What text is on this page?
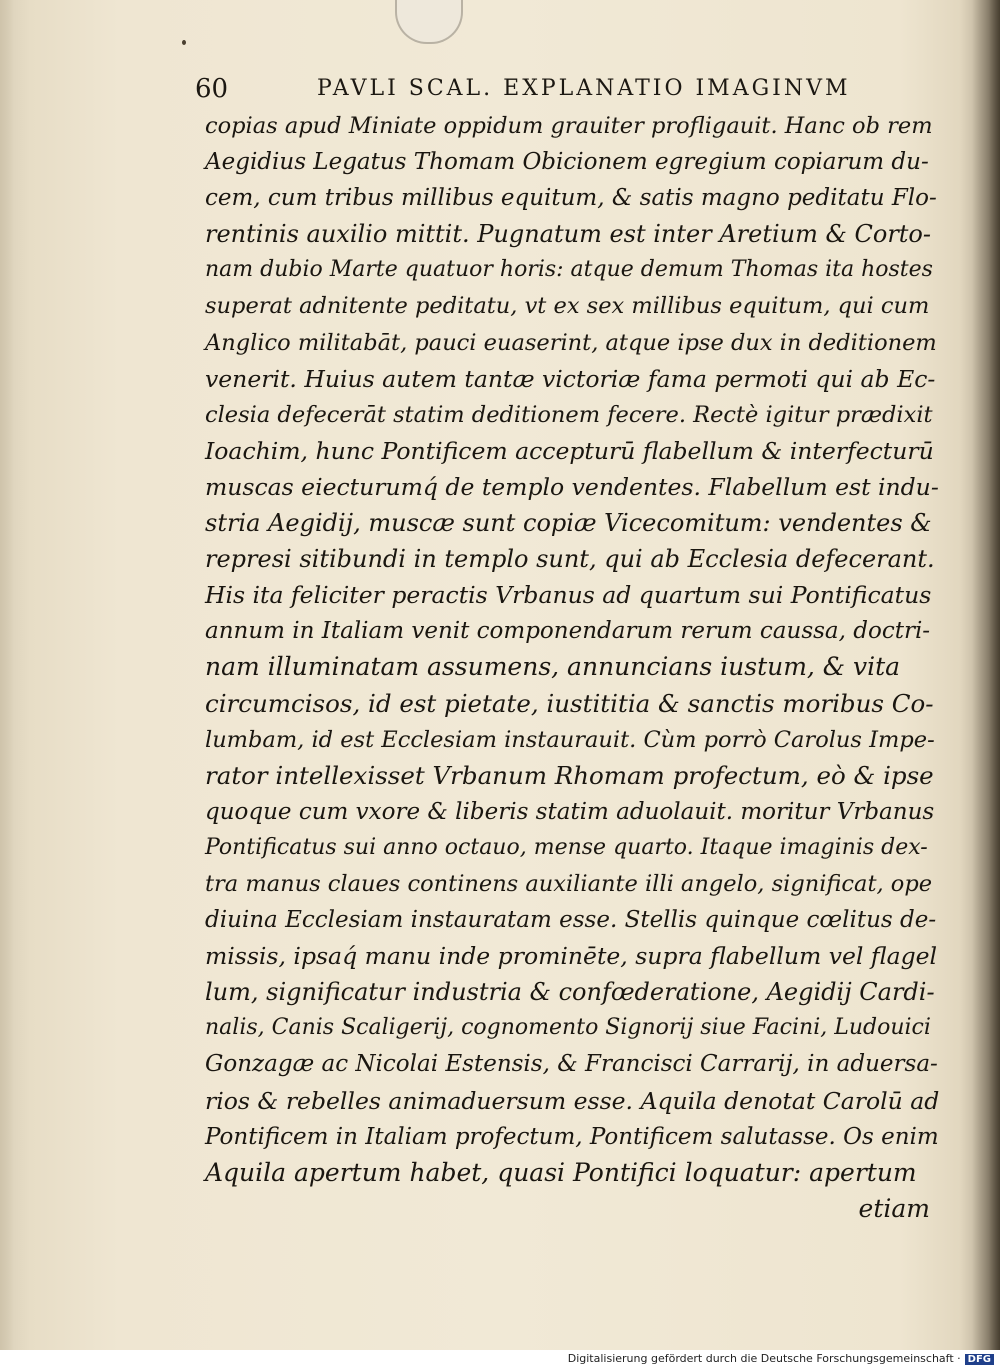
60	PAVLI SCAL. EXPLANATIO IMAGINVM
copias apud Miniate oppidum grauiter profligauit. Hanc ob rem
Aegidius Legatus Thomam Obicionem egregium copiarum du-
cem, cum tribus millibus equitum, & satis magno peditatu Flo-
rentinis auxilio mittit. Pugnatum est inter Aretium & Corto-
nam dubio Marte quatuor horis: atque demum Thomas ita hostes
superat adnitente peditatu, vt ex sex millibus equitum, qui cum
Anglico militabāt, pauci euaserint, atque ipse dux in deditionem
venerit. Huius autem tantæ victoriæ fama permoti qui ab Ec-
clesia defecerāt statim deditionem fecere. Rectè igitur prædixit
Ioachim, hunc Pontificem accepturū flabellum & interfecturū
muscas eiecturumq́ de templo vendentes. Flabellum est indu-
stria Aegidij, muscæ sunt copiæ Vicecomitum: vendentes &
represi sitibundi in templo sunt, qui ab Ecclesia defecerant.
His ita feliciter peractis Vrbanus ad quartum sui Pontificatus
annum in Italiam venit componendarum rerum caussa, doctri-
nam illuminatam assumens, annuncians iustum, & vita
circumcisos, id est pietate, iustititia & sanctis moribus Co-
lumbam, id est Ecclesiam instaurauit. Cùm porrò Carolus Impe-
rator intellexisset Vrbanum Rhomam profectum, eò & ipse
quoque cum vxore & liberis statim aduolauit. moritur Vrbanus
Pontificatus sui anno octauo, mense quarto. Itaque imaginis dex-
tra manus claues continens auxiliante illi angelo, significat, ope
diuina Ecclesiam instauratam esse. Stellis quinque cœlitus de-
missis, ipsaq́ manu inde prominēte, supra flabellum vel flagel
lum, significatur industria & confœderatione, Aegidij Cardi-
nalis, Canis Scaligerij, cognomento Signorij siue Facini, Ludouici
Gonzagæ ac Nicolai Estensis, & Francisci Carrarij, in aduersa-
rios & rebelles animaduersum esse. Aquila denotat Carolū ad
Pontificem in Italiam profectum, Pontificem salutasse. Os enim
Aquila apertum habet, quasi Pontifici loquatur: apertum
etiam
Digitalisierung gefördert durch die Deutsche Forschungsgemeinschaft · DFG
